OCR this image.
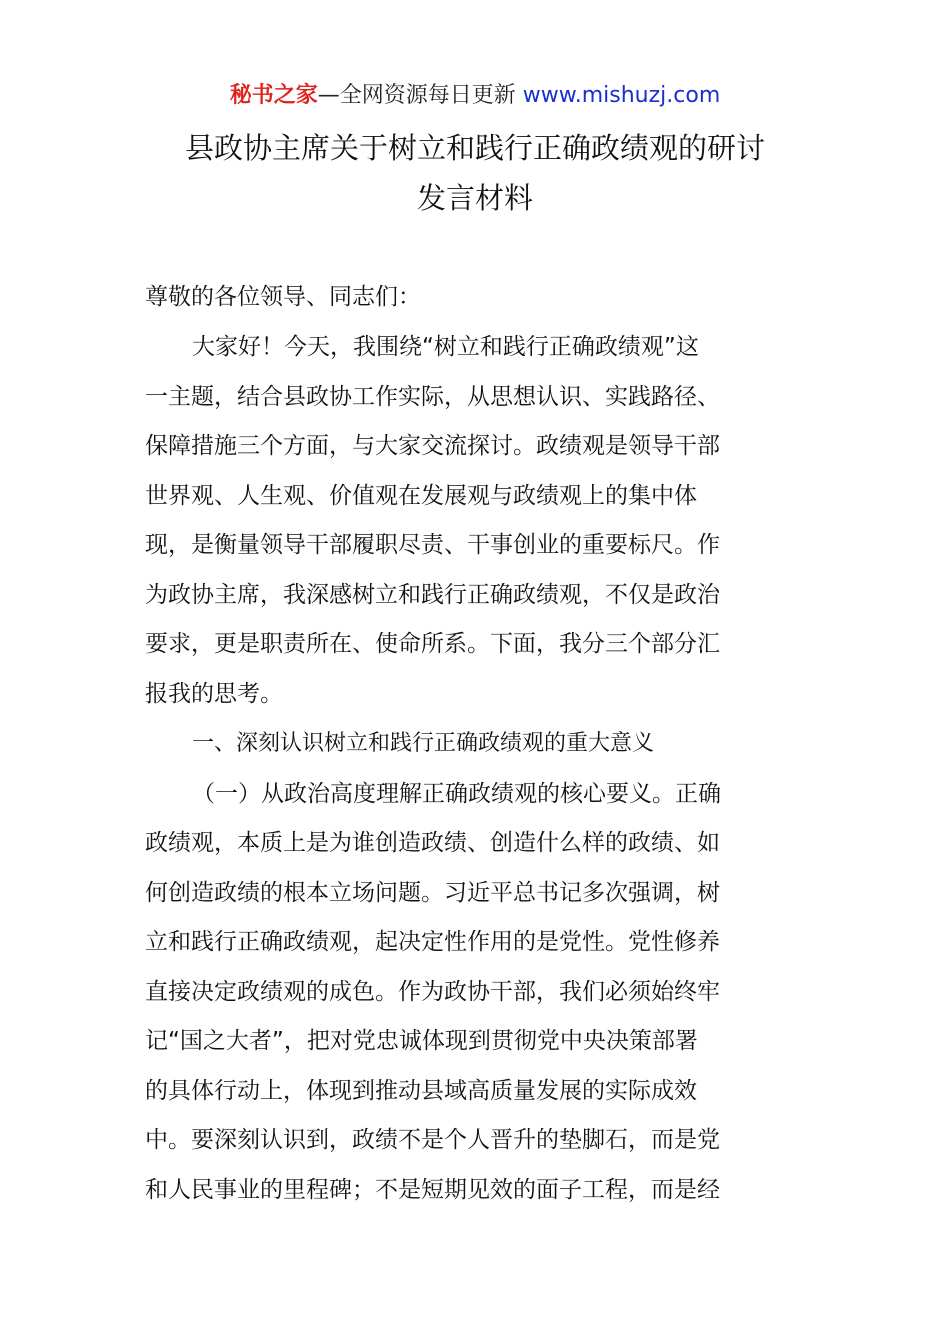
秘书之家—全网资源每日更新 www.mishuzj.com
县政协主席关于树立和践行正确政绩观的研讨
发言材料
尊敬的各位领导、同志们：
大家好！今天，我围绕“树立和践行正确政绩观”这
一主题，结合县政协工作实际，从思想认识、实践路径、
保障措施三个方面，与大家交流探讨。政绩观是领导干部
世界观、人生观、价值观在发展观与政绩观上的集中体
现，是衡量领导干部履职尽责、干事创业的重要标尺。作
为政协主席，我深感树立和践行正确政绩观，不仅是政治
要求，更是职责所在、使命所系。下面，我分三个部分汇
报我的思考。
一、深刻认识树立和践行正确政绩观的重大意义
（一）从政治高度理解正确政绩观的核心要义。正确
政绩观，本质上是为谁创造政绩、创造什么样的政绩、如
何创造政绩的根本立场问题。习近平总书记多次强调，树
立和践行正确政绩观，起决定性作用的是党性。党性修养
直接决定政绩观的成色。作为政协干部，我们必须始终牢
记“国之大者”，把对党忠诚体现到贯彻党中央决策部署
的具体行动上，体现到推动县域高质量发展的实际成效
中。要深刻认识到，政绩不是个人晋升的垫脚石，而是党
和人民事业的里程碑；不是短期见效的面子工程，而是经
